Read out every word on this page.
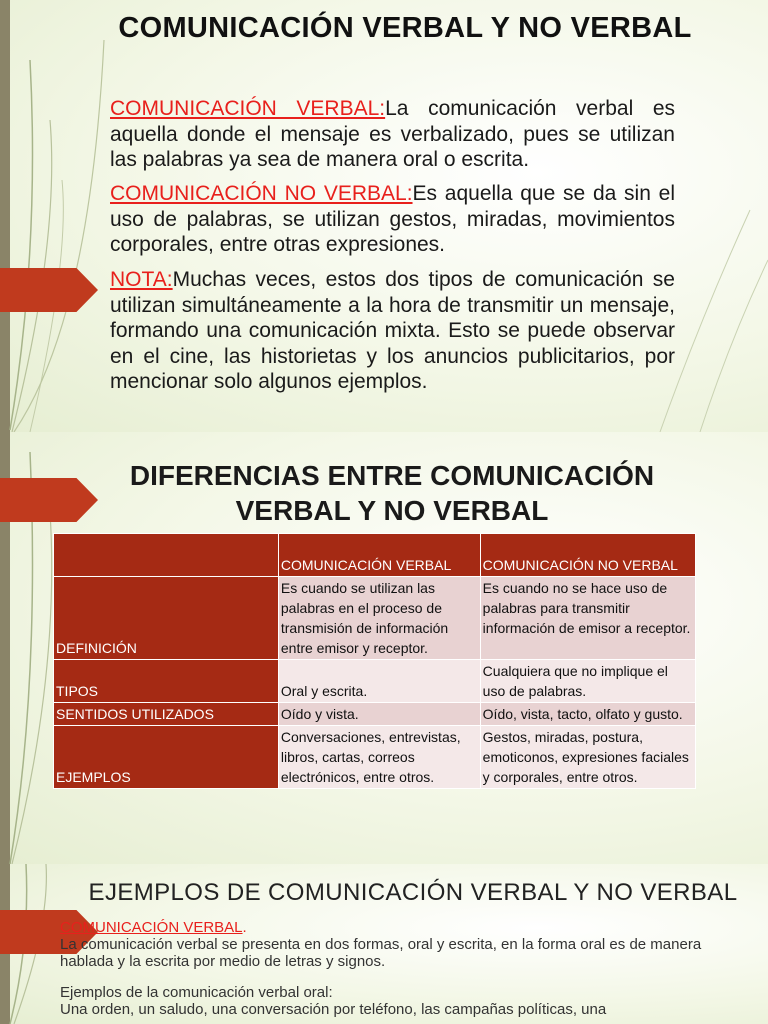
COMUNICACIÓN VERBAL Y NO VERBAL

COMUNICACIÓN VERBAL:La comunicación verbal es aquella donde el mensaje es verbalizado, pues se utilizan las palabras ya sea de manera oral o escrita.

COMUNICACIÓN NO VERBAL:Es aquella que se da sin el uso de palabras, se utilizan gestos, miradas, movimientos corporales, entre otras expresiones.

NOTA:Muchas veces, estos dos tipos de comunicación se utilizan simultáneamente a la hora de transmitir un mensaje, formando una comunicación mixta. Esto se puede observar en el cine, las historietas y los anuncios publicitarios, por mencionar solo algunos ejemplos.

DIFERENCIAS ENTRE COMUNICACIÓN VERBAL Y NO VERBAL
	COMUNICACIÓN VERBAL	COMUNICACIÓN NO VERBAL
DEFINICIÓN	Es cuando se utilizan las palabras en el proceso de transmisión de información entre emisor y receptor.	Es cuando no se hace uso de palabras para transmitir información de emisor a receptor.
TIPOS	Oral y escrita.	Cualquiera que no implique el uso de palabras.
SENTIDOS UTILIZADOS	Oído y vista.	Oído, vista, tacto, olfato y gusto.
EJEMPLOS	Conversaciones, entrevistas, libros, cartas, correos electrónicos, entre otros.	Gestos, miradas, postura, emoticonos, expresiones faciales y corporales, entre otros.
EJEMPLOS DE COMUNICACIÓN VERBAL Y NO VERBAL

COMUNICACIÓN VERBAL.

La comunicación verbal se presenta en dos formas, oral y escrita, en la forma oral es de manera hablada y la escrita por medio de letras y signos.

Ejemplos de la comunicación verbal oral:

Una orden, un saludo, una conversación por teléfono, las campañas políticas, una
